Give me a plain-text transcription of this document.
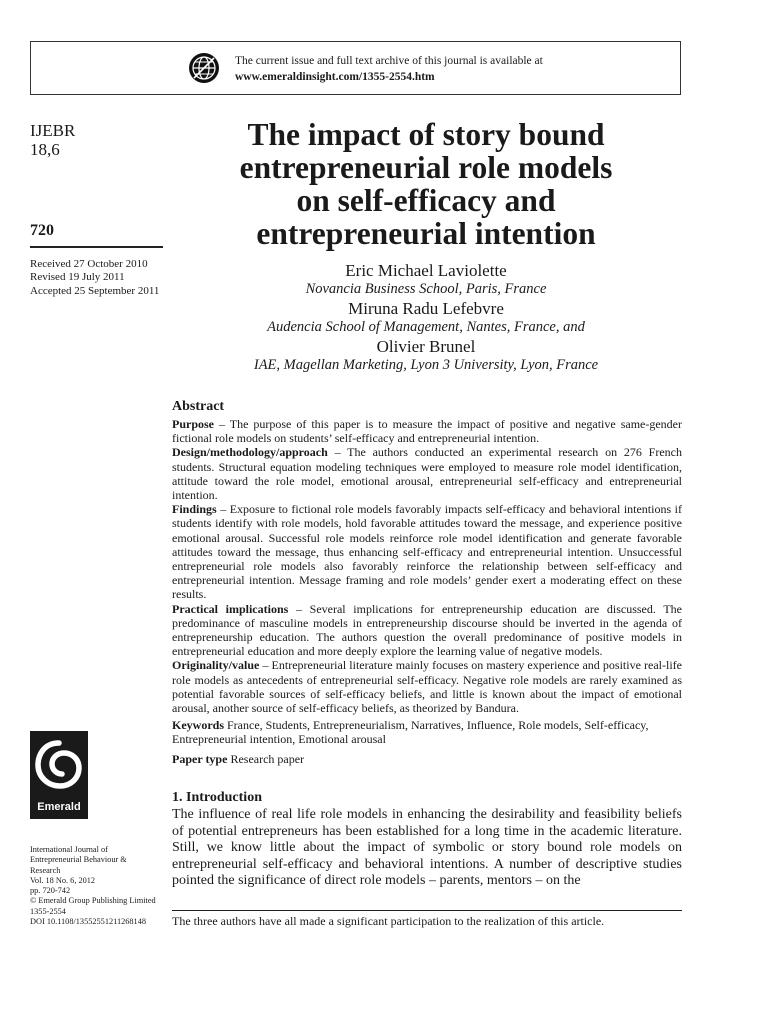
The current issue and full text archive of this journal is available at
www.emeraldinsight.com/1355-2554.htm
IJEBR
18,6
720
Received 27 October 2010
Revised 19 July 2011
Accepted 25 September 2011
The impact of story bound
entrepreneurial role models
on self-efficacy and
entrepreneurial intention
Eric Michael Laviolette
Novancia Business School, Paris, France
Miruna Radu Lefebvre
Audencia School of Management, Nantes, France, and
Olivier Brunel
IAE, Magellan Marketing, Lyon 3 University, Lyon, France
Abstract

Purpose – The purpose of this paper is to measure the impact of positive and negative same-gender fictional role models on students’ self-efficacy and entrepreneurial intention.

Design/methodology/approach – The authors conducted an experimental research on 276 French students. Structural equation modeling techniques were employed to measure role model identification, attitude toward the role model, emotional arousal, entrepreneurial self-efficacy and entrepreneurial intention.

Findings – Exposure to fictional role models favorably impacts self-efficacy and behavioral intentions if students identify with role models, hold favorable attitudes toward the message, and experience positive emotional arousal. Successful role models reinforce role model identification and generate favorable attitudes toward the message, thus enhancing self-efficacy and entrepreneurial intention. Unsuccessful entrepreneurial role models also favorably reinforce the relationship between self-efficacy and entrepreneurial intention. Message framing and role models’ gender exert a moderating effect on these results.

Practical implications – Several implications for entrepreneurship education are discussed. The predominance of masculine models in entrepreneurship discourse should be inverted in the agenda of entrepreneurship education. The authors question the overall predominance of positive models in entrepreneurial education and more deeply explore the learning value of negative models.

Originality/value – Entrepreneurial literature mainly focuses on mastery experience and positive real-life role models as antecedents of entrepreneurial self-efficacy. Negative role models are rarely examined as potential favorable sources of self-efficacy beliefs, and little is known about the impact of emotional arousal, another source of self-efficacy beliefs, as theorized by Bandura.

Keywords France, Students, Entrepreneurialism, Narratives, Influence, Role models, Self-efficacy, Entrepreneurial intention, Emotional arousal

Paper type Research paper

Emerald
International Journal of
Entrepreneurial Behaviour &
Research
Vol. 18 No. 6, 2012
pp. 720-742
© Emerald Group Publishing Limited
1355-2554
DOI 10.1108/13552551211268148
1. Introduction
The influence of real life role models in enhancing the desirability and feasibility beliefs of potential entrepreneurs has been established for a long time in the academic literature. Still, we know little about the impact of symbolic or story bound role models on entrepreneurial self-efficacy and behavioral intentions. A number of descriptive studies pointed the significance of direct role models – parents, mentors – on the
The three authors have all made a significant participation to the realization of this article.
